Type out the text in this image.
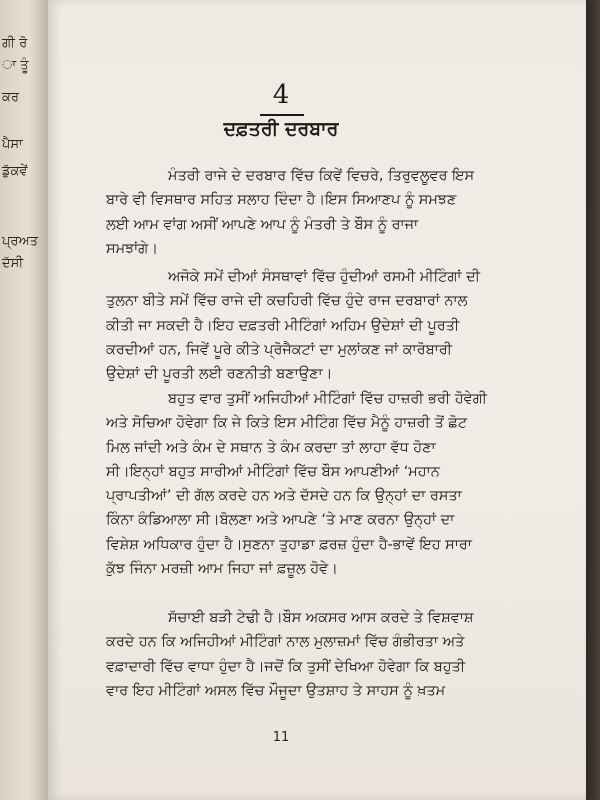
ਗੀ ਰੋ
ਾ ਤੂੰ
ਕਰ
ਪੈਸਾ
ਡੁੱਕਵੇਂ
ਪ੍ਰਅਤ
ਦੱਸੀ
4
ਦਫ਼ਤਰੀ ਦਰਬਾਰ
ਮੰਤਰੀ ਰਾਜੇ ਦੇ ਦਰਬਾਰ ਵਿੱਚ ਕਿਵੇਂ ਵਿਚਰੇ, ਤਿਰੁਵਲੂਵਰ ਇਸ
ਬਾਰੇ ਵੀ ਵਿਸਥਾਰ ਸਹਿਤ ਸਲਾਹ ਦਿੰਦਾ ਹੈ।ਇਸ ਸਿਆਣਪ ਨੂੰ ਸਮਝਣ
ਲਈ ਆਮ ਵਾਂਗ ਅਸੀਂ ਆਪਣੇ ਆਪ ਨੂੰ ਮੰਤਰੀ ਤੇ ਬੌਸ ਨੂੰ ਰਾਜਾ
ਸਮਝਾਂਗੇ।
ਅਜੋਕੇ ਸਮੇਂ ਦੀਆਂ ਸੰਸਥਾਵਾਂ ਵਿੱਚ ਹੁੰਦੀਆਂ ਰਸਮੀ ਮੀਟਿੰਗਾਂ ਦੀ
ਤੁਲਨਾ ਬੀਤੇ ਸਮੇਂ ਵਿੱਚ ਰਾਜੇ ਦੀ ਕਚਹਿਰੀ ਵਿੱਚ ਹੁੰਦੇ ਰਾਜ ਦਰਬਾਰਾਂ ਨਾਲ
ਕੀਤੀ ਜਾ ਸਕਦੀ ਹੈ।ਇਹ ਦਫ਼ਤਰੀ ਮੀਟਿੰਗਾਂ ਅਹਿਮ ਉਦੇਸ਼ਾਂ ਦੀ ਪੂਰਤੀ
ਕਰਦੀਆਂ ਹਨ, ਜਿਵੇਂ ਪੂਰੇ ਕੀਤੇ ਪ੍ਰੋਜੈਕਟਾਂ ਦਾ ਮੁਲਾਂਕਣ ਜਾਂ ਕਾਰੋਬਾਰੀ
ਉਦੇਸ਼ਾਂ ਦੀ ਪੂਰਤੀ ਲਈ ਰਣਨੀਤੀ ਬਣਾਉਣਾ।
ਬਹੁਤ ਵਾਰ ਤੁਸੀਂ ਅਜਿਹੀਆਂ ਮੀਟਿੰਗਾਂ ਵਿੱਚ ਹਾਜ਼ਰੀ ਭਰੀ ਹੋਵੇਗੀ
ਅਤੇ ਸੋਚਿਆ ਹੋਵੇਗਾ ਕਿ ਜੇ ਕਿਤੇ ਇਸ ਮੀਟਿੰਗ ਵਿੱਚ ਮੈਨੂੰ ਹਾਜ਼ਰੀ ਤੋਂ ਛੋਟ
ਮਿਲ ਜਾਂਦੀ ਅਤੇ ਕੰਮ ਦੇ ਸਥਾਨ ਤੇ ਕੰਮ ਕਰਦਾ ਤਾਂ ਲਾਹਾ ਵੱਧ ਹੋਣਾ
ਸੀ।ਇਨ੍ਹਾਂ ਬਹੁਤ ਸਾਰੀਆਂ ਮੀਟਿੰਗਾਂ ਵਿੱਚ ਬੌਸ ਆਪਣੀਆਂ ‘ਮਹਾਨ
ਪ੍ਰਾਪਤੀਆਂ’ ਦੀ ਗੱਲ ਕਰਦੇ ਹਨ ਅਤੇ ਦੱਸਦੇ ਹਨ ਕਿ ਉਨ੍ਹਾਂ ਦਾ ਰਸਤਾ
ਕਿੰਨਾ ਕੰਡਿਆਲਾ ਸੀ।ਬੋਲਣਾ ਅਤੇ ਆਪਣੇ ‘ਤੇ ਮਾਣ ਕਰਨਾ ਉਨ੍ਹਾਂ ਦਾ
ਵਿਸ਼ੇਸ਼ ਅਧਿਕਾਰ ਹੁੰਦਾ ਹੈ।ਸੁਣਨਾ ਤੁਹਾਡਾ ਫ਼ਰਜ਼ ਹੁੰਦਾ ਹੈ-ਭਾਵੇਂ ਇਹ ਸਾਰਾ
ਕੁੱਝ ਜਿੰਨਾ ਮਰਜ਼ੀ ਆਮ ਜਿਹਾ ਜਾਂ ਫ਼ਜ਼ੂਲ ਹੋਵੇ।
ਸੱਚਾਈ ਬੜੀ ਟੇਢੀ ਹੈ।ਬੌਸ ਅਕਸਰ ਆਸ ਕਰਦੇ ਤੇ ਵਿਸ਼ਵਾਸ਼
ਕਰਦੇ ਹਨ ਕਿ ਅਜਿਹੀਆਂ ਮੀਟਿੰਗਾਂ ਨਾਲ ਮੁਲਾਜ਼ਮਾਂ ਵਿੱਚ ਗੰਭੀਰਤਾ ਅਤੇ
ਵਫ਼ਾਦਾਰੀ ਵਿੱਚ ਵਾਧਾ ਹੁੰਦਾ ਹੈ।ਜਦੋਂ ਕਿ ਤੁਸੀਂ ਦੇਖਿਆ ਹੋਵੇਗਾ ਕਿ ਬਹੁਤੀ
ਵਾਰ ਇਹ ਮੀਟਿੰਗਾਂ ਅਸਲ ਵਿੱਚ ਮੌਜੂਦਾ ਉਤਸ਼ਾਹ ਤੇ ਸਾਹਸ ਨੂੰ ਖ਼ਤਮ
11
